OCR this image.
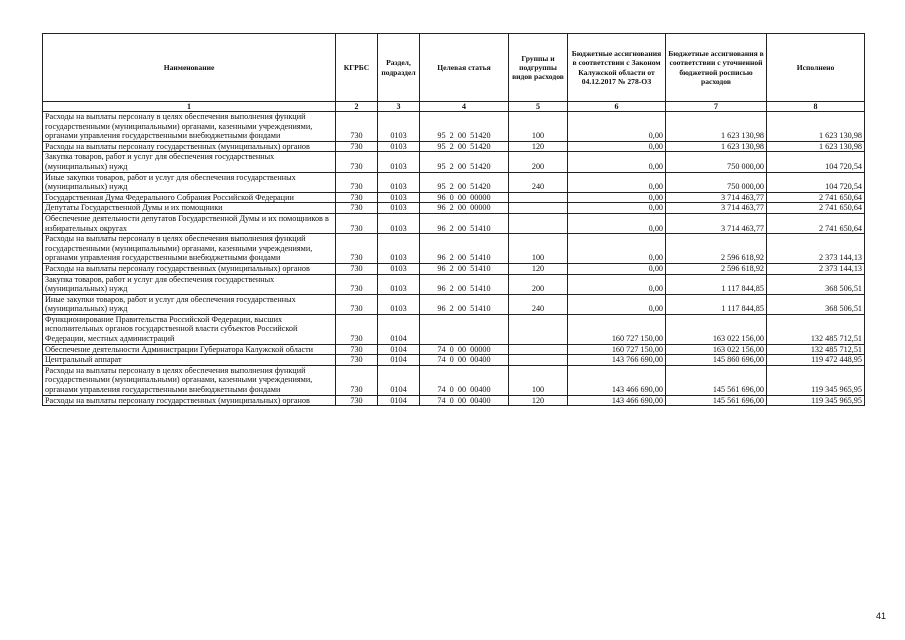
Наименование	КГРБС	Раздел, подраздел	Целевая статья	Группы и подгруппы видов расходов	Бюджетные ассигнования в соответствии с Законом Калужской области от 04.12.2017 № 278-ОЗ	Бюджетные ассигнования в соответствии с уточненной бюджетной росписью расходов	Исполнено
1	2	3	4	5	6	7	8
Расходы на выплаты персоналу в целях обеспечения выполнения функций государственными (муниципальными) органами, казенными учреждениями, органами управления государственными внебюджетными фондами	730	0103	95  2  00  51420	100	0,00	1 623 130,98	1 623 130,98
Расходы на выплаты персоналу государственных (муниципальных) органов	730	0103	95  2  00  51420	120	0,00	1 623 130,98	1 623 130,98
Закупка товаров, работ и услуг для обеспечения государственных (муниципальных) нужд	730	0103	95  2  00  51420	200	0,00	750 000,00	104 720,54
Иные закупки товаров, работ и услуг для обеспечения государственных (муниципальных) нужд	730	0103	95  2  00  51420	240	0,00	750 000,00	104 720,54
Государственная Дума Федерального Собрания Российской Федерации	730	0103	96  0  00  00000		0,00	3 714 463,77	2 741 650,64
Депутаты Государственной Думы и их помощники	730	0103	96  2  00  00000		0,00	3 714 463,77	2 741 650,64
Обеспечение деятельности депутатов Государственной Думы и их помощников в избирательных округах	730	0103	96  2  00  51410		0,00	3 714 463,77	2 741 650,64
Расходы на выплаты персоналу в целях обеспечения выполнения функций государственными (муниципальными) органами, казенными учреждениями, органами управления государственными внебюджетными фондами	730	0103	96  2  00  51410	100	0,00	2 596 618,92	2 373 144,13
Расходы на выплаты персоналу государственных (муниципальных) органов	730	0103	96  2  00  51410	120	0,00	2 596 618,92	2 373 144,13
Закупка товаров, работ и услуг для обеспечения государственных (муниципальных) нужд	730	0103	96  2  00  51410	200	0,00	1 117 844,85	368 506,51
Иные закупки товаров, работ и услуг для обеспечения государственных (муниципальных) нужд	730	0103	96  2  00  51410	240	0,00	1 117 844,85	368 506,51
Функционирование Правительства Российской Федерации, высших исполнительных органов государственной власти субъектов Российской Федерации, местных администраций	730	0104			160 727 150,00	163 022 156,00	132 485 712,51
Обеспечение деятельности Администрации Губернатора Калужской области	730	0104	74  0  00  00000		160 727 150,00	163 022 156,00	132 485 712,51
Центральный аппарат	730	0104	74  0  00  00400		143 766 690,00	145 860 696,00	119 472 448,95
Расходы на выплаты персоналу в целях обеспечения выполнения функций государственными (муниципальными) органами, казенными учреждениями, органами управления государственными внебюджетными фондами	730	0104	74  0  00  00400	100	143 466 690,00	145 561 696,00	119 345 965,95
Расходы на выплаты персоналу государственных (муниципальных) органов	730	0104	74  0  00  00400	120	143 466 690,00	145 561 696,00	119 345 965,95
41
